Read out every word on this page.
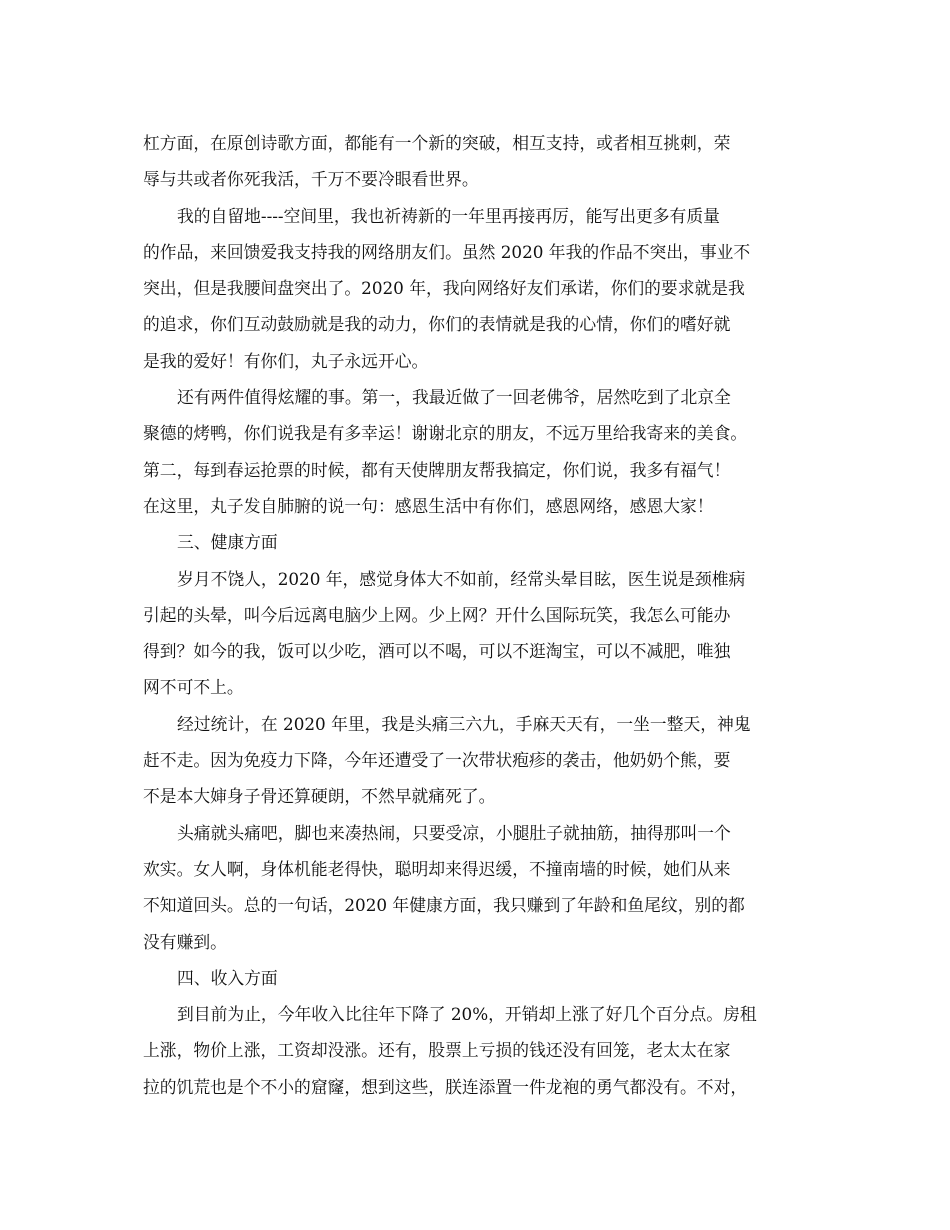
杠方面，在原创诗歌方面，都能有一个新的突破，相互支持，或者相互挑刺，荣
辱与共或者你死我活，千万不要冷眼看世界。
我的自留地----空间里，我也祈祷新的一年里再接再厉，能写出更多有质量
的作品，来回馈爱我支持我的网络朋友们。虽然 2020 年我的作品不突出，事业不
突出，但是我腰间盘突出了。2020 年，我向网络好友们承诺，你们的要求就是我
的追求，你们互动鼓励就是我的动力，你们的表情就是我的心情，你们的嗜好就
是我的爱好！有你们，丸子永远开心。
还有两件值得炫耀的事。第一，我最近做了一回老佛爷，居然吃到了北京全
聚德的烤鸭，你们说我是有多幸运！谢谢北京的朋友，不远万里给我寄来的美食。
第二，每到春运抢票的时候，都有天使牌朋友帮我搞定，你们说，我多有福气！
在这里，丸子发自肺腑的说一句：感恩生活中有你们，感恩网络，感恩大家！
三、健康方面
岁月不饶人，2020 年，感觉身体大不如前，经常头晕目眩，医生说是颈椎病
引起的头晕，叫今后远离电脑少上网。少上网？开什么国际玩笑，我怎么可能办
得到？如今的我，饭可以少吃，酒可以不喝，可以不逛淘宝，可以不减肥，唯独
网不可不上。
经过统计，在 2020 年里，我是头痛三六九，手麻天天有，一坐一整天，神鬼
赶不走。因为免疫力下降，今年还遭受了一次带状疱疹的袭击，他奶奶个熊，要
不是本大婶身子骨还算硬朗，不然早就痛死了。
头痛就头痛吧，脚也来凑热闹，只要受凉，小腿肚子就抽筋，抽得那叫一个
欢实。女人啊，身体机能老得快，聪明却来得迟缓，不撞南墙的时候，她们从来
不知道回头。总的一句话，2020 年健康方面，我只赚到了年龄和鱼尾纹，别的都
没有赚到。
四、收入方面
到目前为止，今年收入比往年下降了 20%，开销却上涨了好几个百分点。房租
上涨，物价上涨，工资却没涨。还有，股票上亏损的钱还没有回笼，老太太在家
拉的饥荒也是个不小的窟窿，想到这些，朕连添置一件龙袍的勇气都没有。不对，
